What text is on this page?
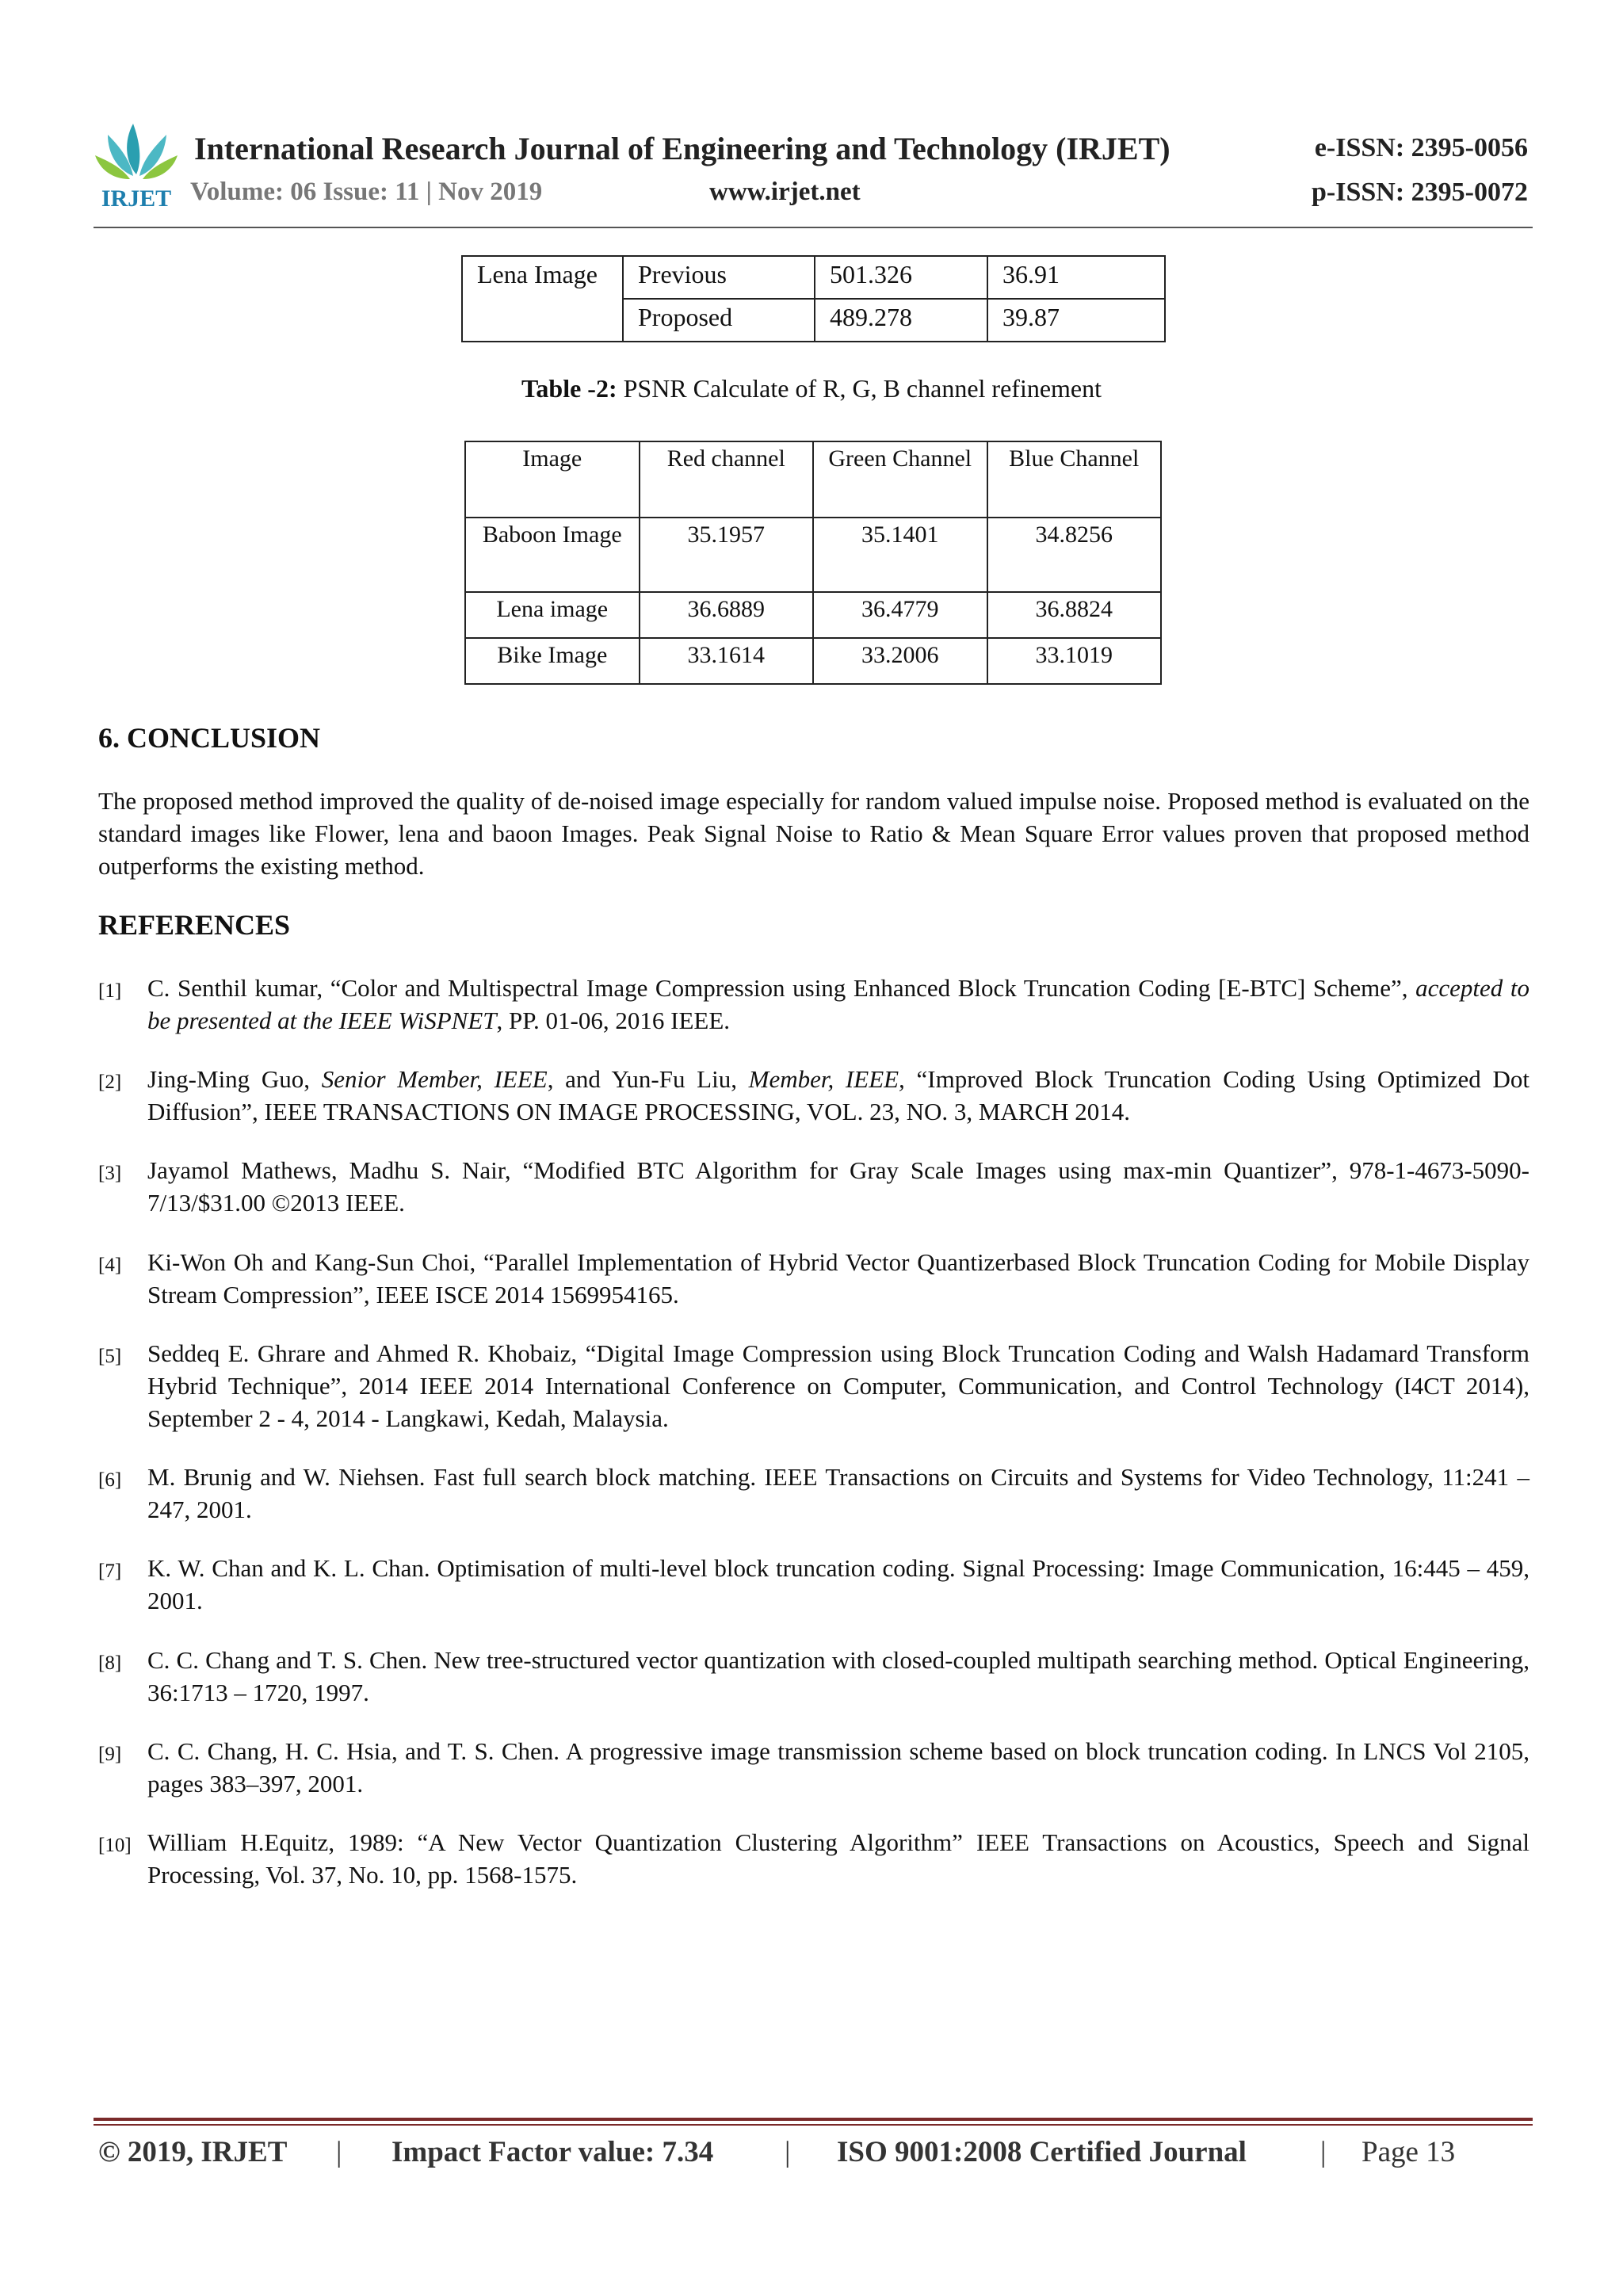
IRJET
International Research Journal of Engineering and Technology (IRJET)	e-ISSN: 2395-0056
Volume: 06 Issue: 11 | Nov 2019	www.irjet.net	p-ISSN: 2395-0072
Lena Image	Previous	501.326	36.91
	Proposed	489.278	39.87
Table -2: PSNR Calculate of R, G, B channel refinement
Image	Red channel	Green Channel	Blue Channel
Baboon Image	35.1957	35.1401	34.8256
Lena image	36.6889	36.4779	36.8824
Bike Image	33.1614	33.2006	33.1019
6. CONCLUSION
The proposed method improved the quality of de-noised image especially for random valued impulse noise. Proposed method is evaluated on the standard images like Flower, lena and baoon Images. Peak Signal Noise to Ratio & Mean Square Error values proven that proposed method outperforms the existing method.
REFERENCES
[1] C. Senthil kumar, “Color and Multispectral Image Compression using Enhanced Block Truncation Coding [E-BTC] Scheme”, accepted to be presented at the IEEE WiSPNET, PP. 01-06, 2016 IEEE.
[2] Jing-Ming Guo, Senior Member, IEEE, and Yun-Fu Liu, Member, IEEE, “Improved Block Truncation Coding Using Optimized Dot Diffusion”, IEEE TRANSACTIONS ON IMAGE PROCESSING, VOL. 23, NO. 3, MARCH 2014.
[3] Jayamol Mathews, Madhu S. Nair, “Modified BTC Algorithm for Gray Scale Images using max-min Quantizer”, 978-1-4673-5090-7/13/$31.00 ©2013 IEEE.
[4] Ki-Won Oh and Kang-Sun Choi, “Parallel Implementation of Hybrid Vector Quantizerbased Block Truncation Coding for Mobile Display Stream Compression”, IEEE ISCE 2014 1569954165.
[5] Seddeq E. Ghrare and Ahmed R. Khobaiz, “Digital Image Compression using Block Truncation Coding and Walsh Hadamard Transform Hybrid Technique”, 2014 IEEE 2014 International Conference on Computer, Communication, and Control Technology (I4CT 2014), September 2 - 4, 2014 - Langkawi, Kedah, Malaysia.
[6] M. Brunig and W. Niehsen. Fast full search block matching. IEEE Transactions on Circuits and Systems for Video Technology, 11:241 – 247, 2001.
[7] K. W. Chan and K. L. Chan. Optimisation of multi-level block truncation coding. Signal Processing: Image Communication, 16:445 – 459, 2001.
[8] C. C. Chang and T. S. Chen. New tree-structured vector quantization with closed-coupled multipath searching method. Optical Engineering, 36:1713 – 1720, 1997.
[9] C. C. Chang, H. C. Hsia, and T. S. Chen. A progressive image transmission scheme based on block truncation coding. In LNCS Vol 2105, pages 383–397, 2001.
[10] William H.Equitz, 1989: “A New Vector Quantization Clustering Algorithm” IEEE Transactions on Acoustics, Speech and Signal Processing, Vol. 37, No. 10, pp. 1568-1575.
© 2019, IRJET | Impact Factor value: 7.34 | ISO 9001:2008 Certified Journal	| Page 13
